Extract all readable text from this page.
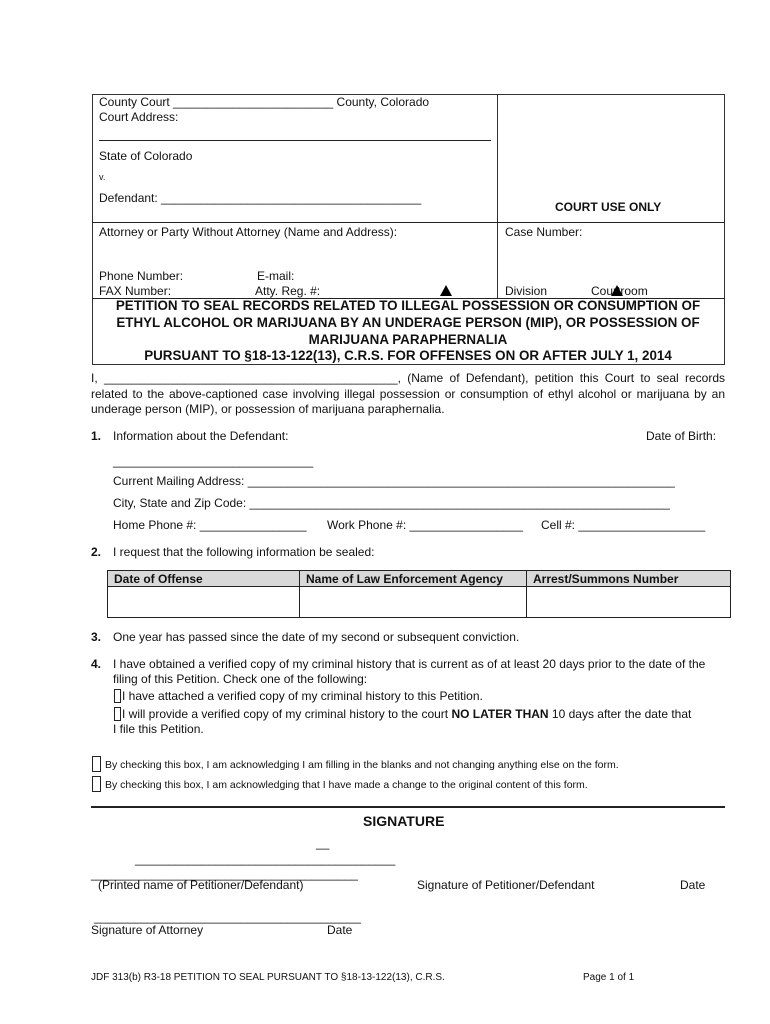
County Court ________________________ County, Colorado
Court Address:
State of Colorado
v.
Defendant: _______________________________________
COURT USE ONLY
Attorney or Party Without Attorney (Name and Address):
Phone Number:	E-mail:
FAX Number:	Atty. Reg. #:
Case Number:
Division	Courtroom
PETITION TO SEAL RECORDS RELATED TO ILLEGAL POSSESSION OR CONSUMPTION OF
ETHYL ALCOHOL OR MARIJUANA BY AN UNDERAGE PERSON (MIP), OR POSSESSION OF
MARIJUANA PARAPHERNALIA
PURSUANT TO §18-13-122(13), C.R.S. FOR OFFENSES ON OR AFTER JULY 1, 2014
I, ____________________________________________, (Name of Defendant), petition this Court to seal records related to the above-captioned case involving illegal possession or consumption of ethyl alcohol or marijuana by an underage person (MIP), or possession of marijuana paraphernalia.
1. Information about the Defendant:	Date of Birth:
______________________________
Current Mailing Address: ________________________________________________________________
City, State and Zip Code: _______________________________________________________________
Home Phone #: ________________ Work Phone #: _________________ Cell #: ___________________
2. I request that the following information be sealed:
Date of Offense	Name of Law Enforcement Agency	Arrest/Summons Number

3. One year has passed since the date of my second or subsequent conviction.
4. I have obtained a verified copy of my criminal history that is current as of at least 20 days prior to the date of the filing of this Petition. Check one of the following:
I have attached a verified copy of my criminal history to this Petition.
I will provide a verified copy of my criminal history to the court NO LATER THAN 10 days after the date that
I file this Petition.
By checking this box, I am acknowledging I am filling in the blanks and not changing anything else on the form.
By checking this box, I am acknowledging that I have made a change to the original content of this form.
SIGNATURE
__
_______________________________________
________________________________________
(Printed name of Petitioner/Defendant)	Signature of Petitioner/Defendant	Date
________________________________________
Signature of Attorney	Date
JDF 313(b) R3-18 PETITION TO SEAL PURSUANT TO §18-13-122(13), C.R.S.	Page 1 of 1
